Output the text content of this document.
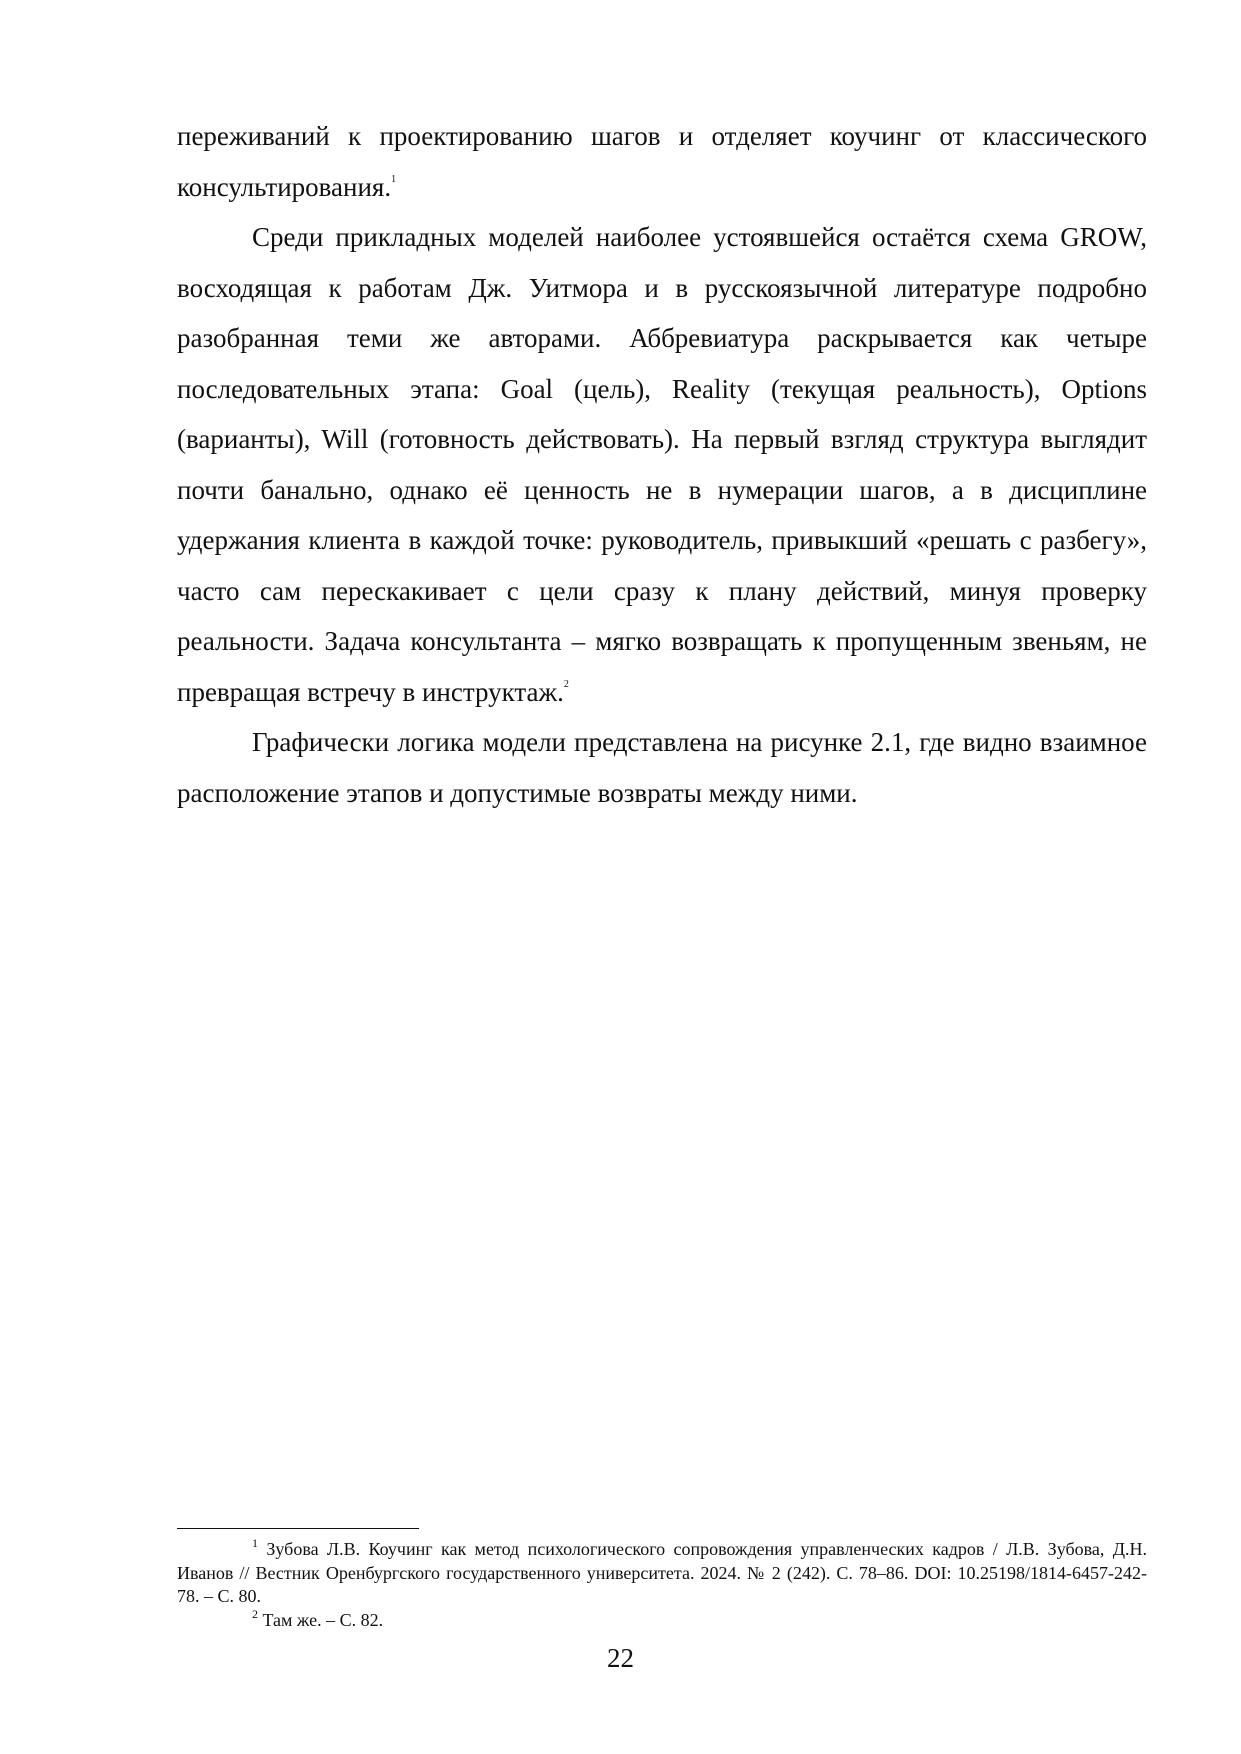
переживаний к проектированию шагов и отделяет коучинг от классического консультирования.$^1$

Среди прикладных моделей наиболее устоявшейся остаётся схема GROW, восходящая к работам Дж. Уитмора и в русскоязычной литературе подробно разобранная теми же авторами. Аббревиатура раскрывается как четыре последовательных этапа: Goal (цель), Reality (текущая реальность), Options (варианты), Will (готовность действовать). На первый взгляд структура выглядит почти банально, однако её ценность не в нумерации шагов, а в дисциплине удержания клиента в каждой точке: руководитель, привыкший «решать с разбегу», часто сам перескакивает с цели сразу к плану действий, минуя проверку реальности. Задача консультанта – мягко возвращать к пропущенным звеньям, не превращая встречу в инструктаж.$^2$

Графически логика модели представлена на рисунке 2.1, где видно взаимное расположение этапов и допустимые возвраты между ними.

$^1$ Зубова Л.В. Коучинг как метод психологического сопровождения управленческих кадров / Л.В. Зубова, Д.Н. Иванов // Вестник Оренбургского государственного университета. 2024. № 2 (242). С. 78–86. DOI: 10.25198/1814-6457-242-78. – С. 80.

$^2$ Там же. – С. 82.

22
